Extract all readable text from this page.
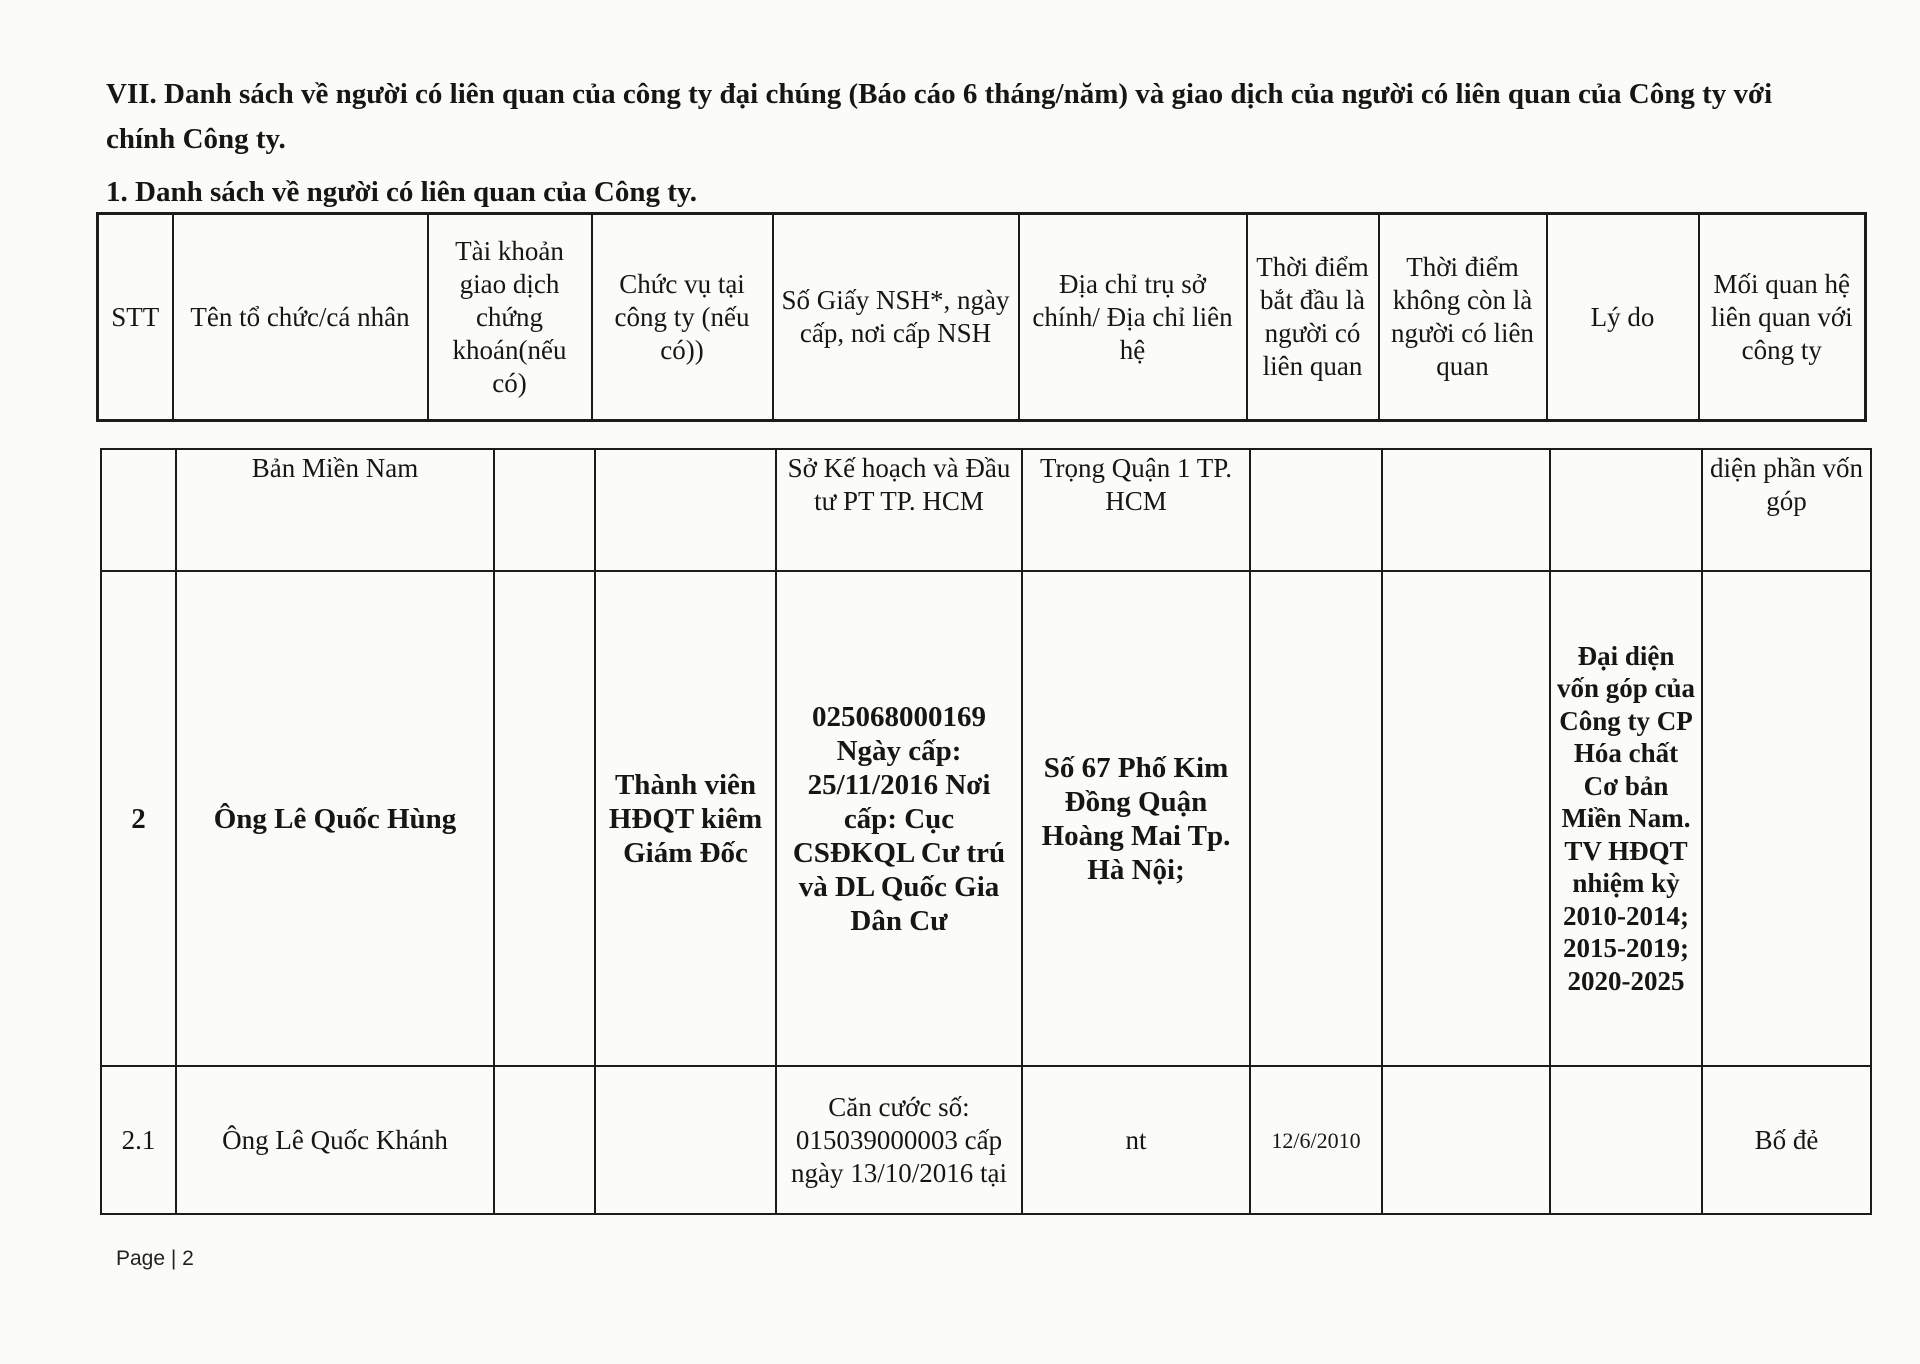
VII. Danh sách về người có liên quan của công ty đại chúng (Báo cáo 6 tháng/năm) và giao dịch của người có liên quan của Công ty với chính Công ty.
1. Danh sách về người có liên quan của Công ty.
STT	Tên tổ chức/cá nhân	Tài khoản giao dịch chứng khoán(nếu có)	Chức vụ tại công ty (nếu có))	Số Giấy NSH*, ngày cấp, nơi cấp NSH	Địa chỉ trụ sở chính/ Địa chỉ liên hệ	Thời điểm bắt đầu là người có liên quan	Thời điểm không còn là người có liên quan	Lý do	Mối quan hệ liên quan với công ty
	Bản Miền Nam			Sở Kế hoạch và Đầu tư PT TP. HCM	Trọng Quận 1 TP. HCM				diện phần vốn góp
2	Ông Lê Quốc Hùng		Thành viên HĐQT kiêm Giám Đốc	025068000169 Ngày cấp: 25/11/2016 Nơi cấp: Cục CSĐKQL Cư trú và DL Quốc Gia Dân Cư	Số 67 Phố Kim Đồng Quận Hoàng Mai Tp. Hà Nội;			Đại diện vốn góp của Công ty CP Hóa chất Cơ bản Miền Nam. TV HĐQT nhiệm kỳ 2010-2014; 2015-2019; 2020-2025	
2.1	Ông Lê Quốc Khánh			Căn cước số: 015039000003 cấp ngày 13/10/2016 tại	nt	12/6/2010			Bố đẻ
Page | 2
